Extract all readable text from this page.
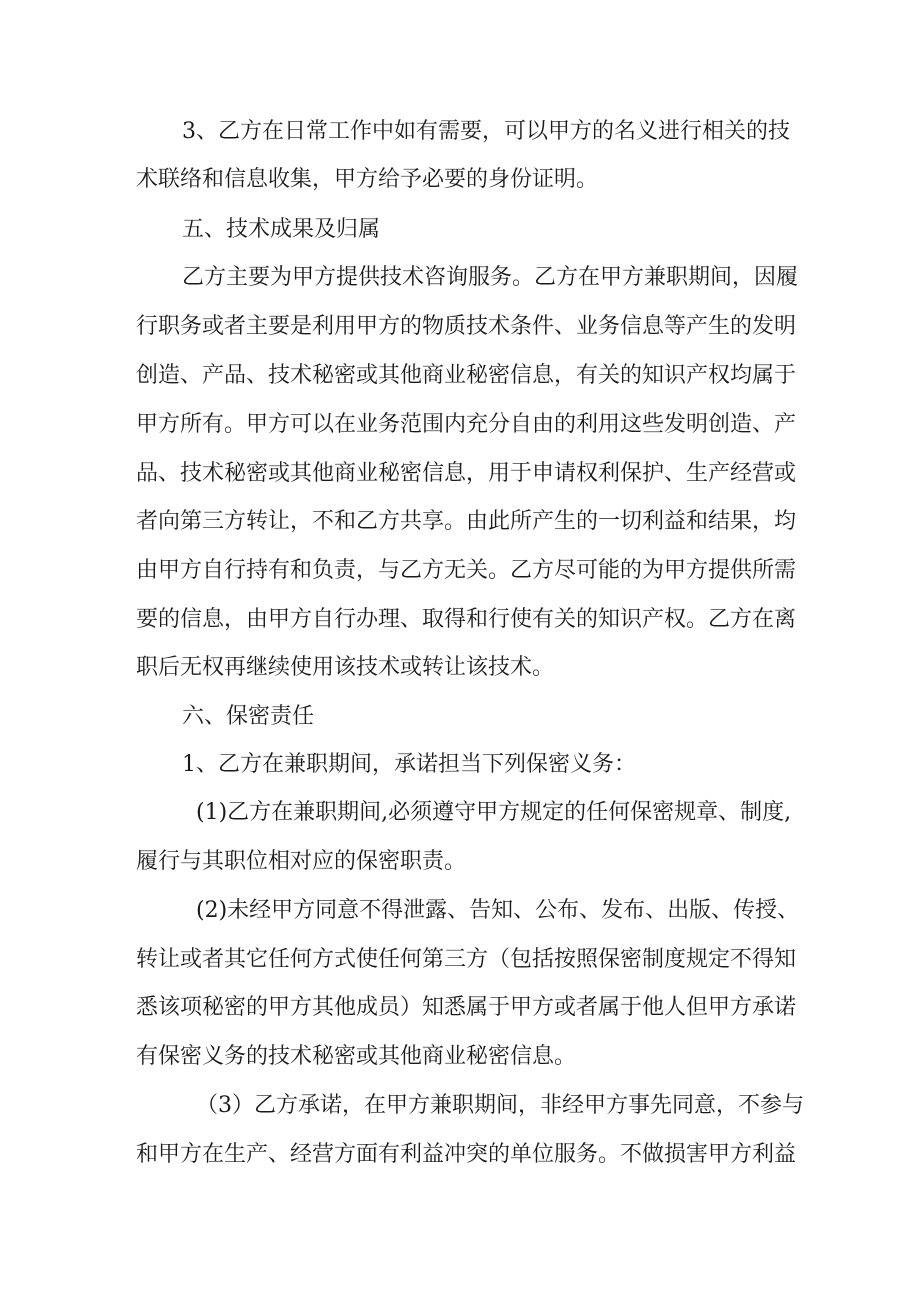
3、乙方在日常工作中如有需要，可以甲方的名义进行相关的技
术联络和信息收集，甲方给予必要的身份证明。
五、技术成果及归属
乙方主要为甲方提供技术咨询服务。乙方在甲方兼职期间，因履
行职务或者主要是利用甲方的物质技术条件、业务信息等产生的发明
创造、产品、技术秘密或其他商业秘密信息，有关的知识产权均属于
甲方所有。甲方可以在业务范围内充分自由的利用这些发明创造、产
品、技术秘密或其他商业秘密信息，用于申请权利保护、生产经营或
者向第三方转让，不和乙方共享。由此所产生的一切利益和结果，均
由甲方自行持有和负责，与乙方无关。乙方尽可能的为甲方提供所需
要的信息，由甲方自行办理、取得和行使有关的知识产权。乙方在离
职后无权再继续使用该技术或转让该技术。
六、保密责任
1、乙方在兼职期间，承诺担当下列保密义务：
(1)乙方在兼职期间,必须遵守甲方规定的任何保密规章、制度,
履行与其职位相对应的保密职责。
(2)未经甲方同意不得泄露、告知、公布、发布、出版、传授、
转让或者其它任何方式使任何第三方（包括按照保密制度规定不得知
悉该项秘密的甲方其他成员）知悉属于甲方或者属于他人但甲方承诺
有保密义务的技术秘密或其他商业秘密信息。
（3）乙方承诺，在甲方兼职期间，非经甲方事先同意，不参与
和甲方在生产、经营方面有利益冲突的单位服务。不做损害甲方利益
